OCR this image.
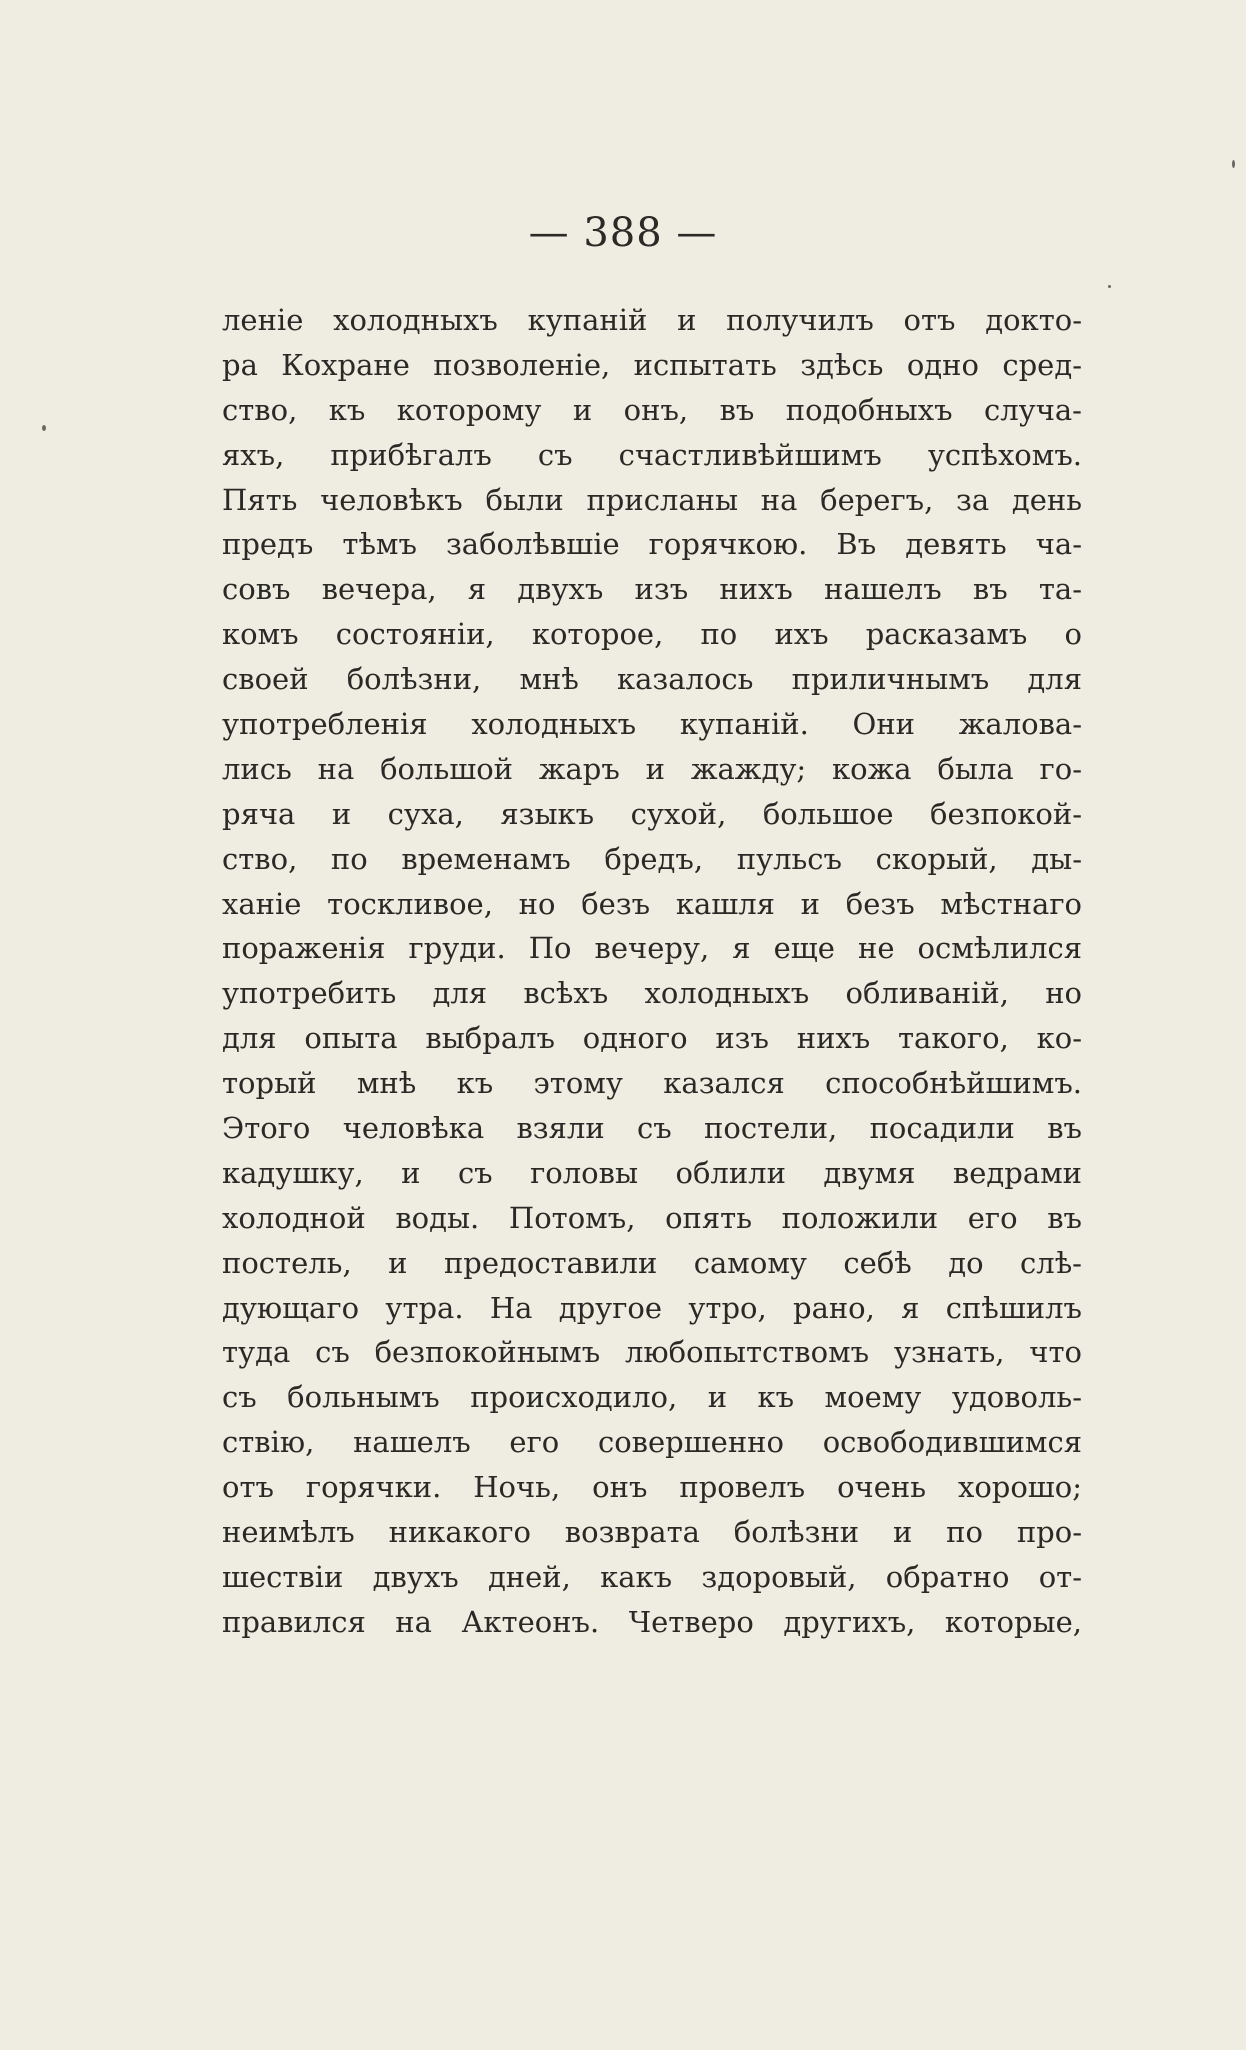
— 388 —
леніе холодныхъ купаній и получилъ отъ докто-
ра Кохране позволеніе, испытать здѣсь одно сред-
ство, къ которому и онъ, въ подобныхъ случа-
яхъ, прибѣгалъ съ счастливѣйшимъ успѣхомъ.
Пять человѣкъ были присланы на берегъ, за день
предъ тѣмъ заболѣвшіе горячкою. Въ девять ча-
совъ вечера, я двухъ изъ нихъ нашелъ въ та-
комъ состояніи, которое, по ихъ расказамъ о
своей болѣзни, мнѣ казалось приличнымъ для
употребленія холодныхъ купаній. Они жалова-
лись на большой жаръ и жажду; кожа была го-
ряча и суха, языкъ сухой, большое безпокой-
ство, по временамъ бредъ, пульсъ скорый, ды-
ханіе тоскливое, но безъ кашля и безъ мѣстнаго
пораженія груди. По вечеру, я еще не осмѣлился
употребить для всѣхъ холодныхъ обливаній, но
для опыта выбралъ одного изъ нихъ такого, ко-
торый мнѣ къ этому казался способнѣйшимъ.
Этого человѣка взяли съ постели, посадили въ
кадушку, и съ головы облили двумя ведрами
холодной воды. Потомъ, опять положили его въ
постель, и предоставили самому себѣ до слѣ-
дующаго утра. На другое утро, рано, я спѣшилъ
туда съ безпокойнымъ любопытствомъ узнать, что
съ больнымъ происходило, и къ моему удоволь-
ствію, нашелъ его совершенно освободившимся
отъ горячки. Ночь, онъ провелъ очень хорошо;
неимѣлъ никакого возврата болѣзни и по про-
шествіи двухъ дней, какъ здоровый, обратно от-
правился на Актеонъ. Четверо другихъ, которые,
